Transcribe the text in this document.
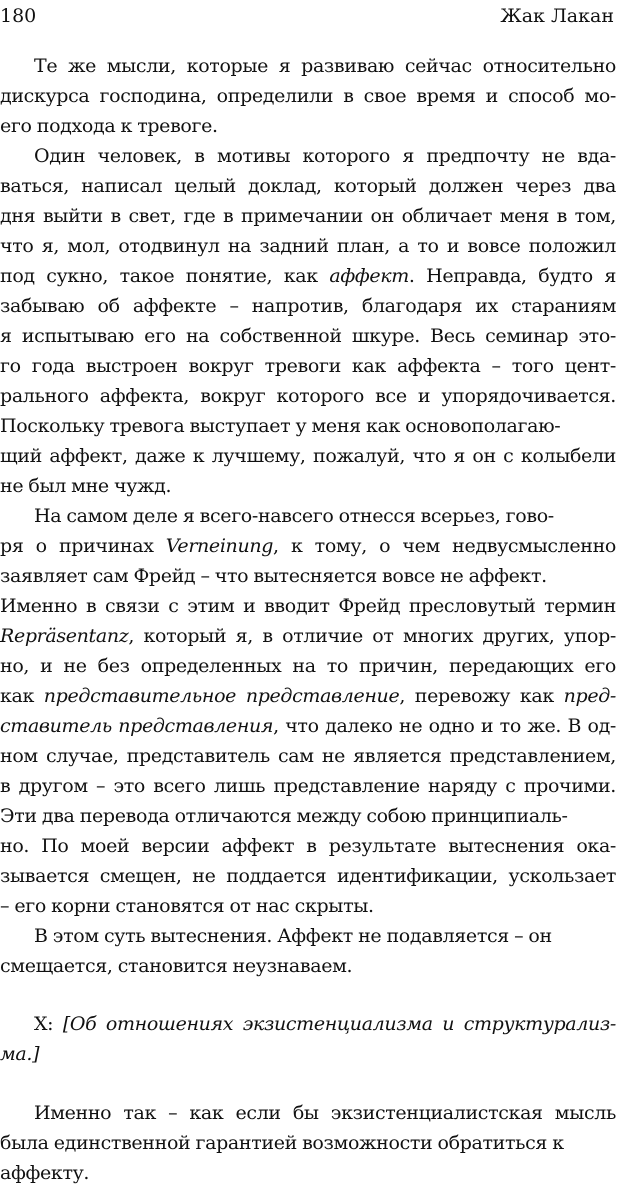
180	Жак Лакан
Те же мысли, которые я развиваю сейчас относительно
дискурса господина, определили в свое время и способ мо-
его подхода к тревоге.
Один человек, в мотивы которого я предпочту не вда-
ваться, написал целый доклад, который должен через два
дня выйти в свет, где в примечании он обличает меня в том,
что я, мол, отодвинул на задний план, а то и вовсе положил
под сукно, такое понятие, как аффект. Неправда, будто я
забываю об аффекте – напротив, благодаря их стараниям
я испытываю его на собственной шкуре. Весь семинар это-
го года выстроен вокруг тревоги как аффекта – того цент-
рального аффекта, вокруг которого все и упорядочивается.
Поскольку тревога выступает у меня как основополагаю-
щий аффект, даже к лучшему, пожалуй, что я он с колыбели
не был мне чужд.
На самом деле я всего-навсего отнесся всерьез, гово-
ря о причинах Verneinung, к тому, о чем недвусмысленно
заявляет сам Фрейд – что вытесняется вовсе не аффект.
Именно в связи с этим и вводит Фрейд пресловутый термин
Repräsentanz, который я, в отличие от многих других, упор-
но, и не без определенных на то причин, передающих его
как представительное представление, перевожу как пред-
ставитель представления, что далеко не одно и то же. В од-
ном случае, представитель сам не является представлением,
в другом – это всего лишь представление наряду с прочими.
Эти два перевода отличаются между собою принципиаль-
но. По моей версии аффект в результате вытеснения ока-
зывается смещен, не поддается идентификации, ускользает
– его корни становятся от нас скрыты.
В этом суть вытеснения. Аффект не подавляется – он
смещается, становится неузнаваем.
X: [Об отношениях экзистенциализма и структурализ-
ма.]
Именно так – как если бы экзистенциалистская мысль
была единственной гарантией возможности обратиться к
аффекту.
